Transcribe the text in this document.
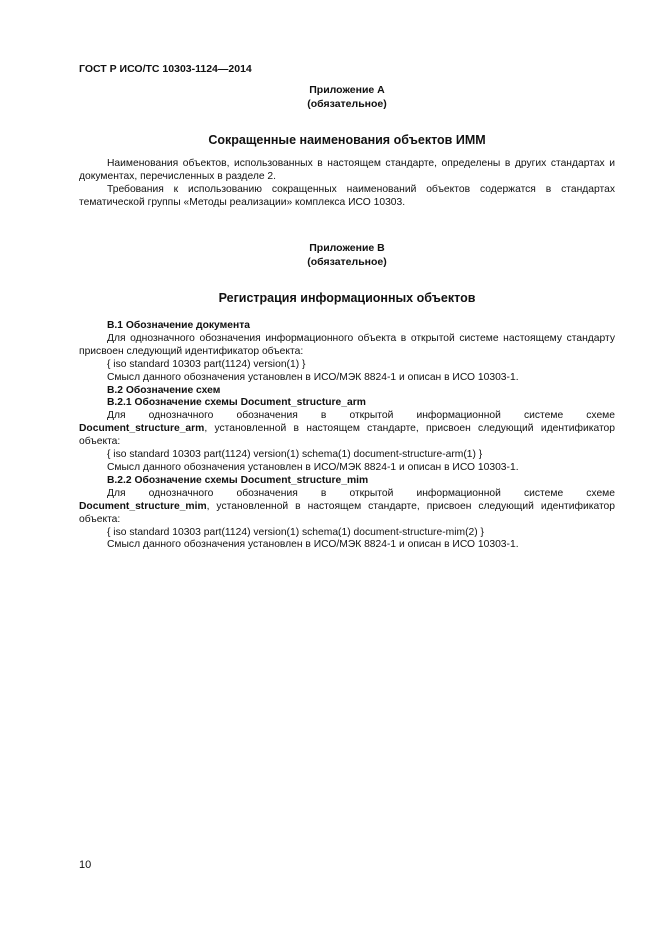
ГОСТ Р ИСО/ТС 10303-1124—2014
Приложение А
(обязательное)
Сокращенные наименования объектов ИММ

Наименования объектов, использованных в настоящем стандарте, определены в других стандартах и документах, перечисленных в разделе 2.

Требования к использованию сокращенных наименований объектов содержатся в стандартах тематической группы «Методы реализации» комплекса ИСО 10303.

Приложение В
(обязательное)
Регистрация информационных объектов

В.1 Обозначение документа

Для однозначного обозначения информационного объекта в открытой системе настоящему стандарту присвоен следующий идентификатор объекта:

{ iso standard 10303 part(1124) version(1) }

Смысл данного обозначения установлен в ИСО/МЭК 8824-1 и описан в ИСО 10303-1.

В.2 Обозначение схем

В.2.1 Обозначение схемы Document_structure_arm

Для однозначного обозначения в открытой информационной системе схеме
Document_structure_arm, установленной в настоящем стандарте, присвоен следующий идентификатор объекта:

{ iso standard 10303 part(1124) version(1) schema(1) document-structure-arm(1) }

Смысл данного обозначения установлен в ИСО/МЭК 8824-1 и описан в ИСО 10303-1.

В.2.2 Обозначение схемы Document_structure_mim

Для однозначного обозначения в открытой информационной системе схеме
Document_structure_mim, установленной в настоящем стандарте, присвоен следующий идентификатор объекта:

{ iso standard 10303 part(1124) version(1) schema(1) document-structure-mim(2) }

Смысл данного обозначения установлен в ИСО/МЭК 8824-1 и описан в ИСО 10303-1.

10
